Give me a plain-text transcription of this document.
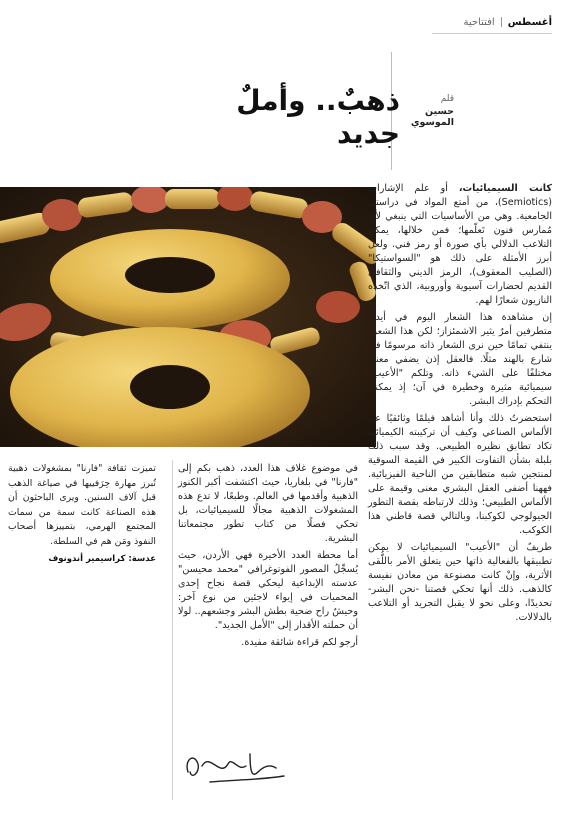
أغسطس
افتتاحية
قلم
حسين الموسوي
ذهبٌ.. وأملٌ جديد

كانت السيميائيات، أو علم الإشارات (Semiotics)، من أمتع المواد في دراستي الجامعية. وهي من الأساسيات التي ينبغي لأي مُمارس فنون تَعلّمها؛ فمن خلالها، يمكن التلاعب الدلالي بأي صورة أو رمز فني. ولعل أبرز الأمثلة على ذلك هو "السواستيكا" (الصليب المعقوف)، الرمز الديني والثقافي القديم لحضارات آسيوية وأوروبية، الذي اتّخذه النازيون شعارًا لهم.

إن مشاهدة هذا الشعار اليوم في أيدي متطرفين أمرٌ يثير الاشمئزاز؛ لكن هذا الشعور ينتفي تمامًا حين نرى الشعار ذاته مرسومًا في شارع بالهند مثلًا. فالعقل إذن يضفي معنىً مختلفًا على الشيء ذاته. وتلكم "الأعيب" سيميائية مثيرة وخطيرة في آن؛ إذ يمكنها التحكم بإدراك البشر.

استحضرتُ ذلك وأنا أشاهد فيلمًا وثائقيًا عن الألماس الصناعي وكيف أن تركيبته الكيميائية تكاد تطابق نظيره الطبيعي. وقد سبب ذلك بلبلة بشأن التفاوت الكبير في القيمة السوقية لمنتجين شبه متطابقين من الناحية الفيزيائية. فههنا أضفى العقل البشري معنى وقيمة على الألماس الطبيعي؛ وذلك لارتباطه بقصة التطور الجيولوجي لكوكبنا، وبالتالي قصة قاطني هذا الكوكب.

طريفٌ أن "الأعيب" السيميائيات لا يمكن تطبيقها بالفعالية ذاتها حين يتعلق الأمر باللُّقى الأثرية، وإنْ كانت مصنوعة من معادن نفيسة كالذهب. ذلك أنها تحكي قصتنا -نحن البشر- تحديدًا، وعلى نحو لا يقبل التجريد أو التلاعب بالدلالات.

في موضوع غلاف هذا العدد، ذهب بكم إلى "فارنا" في بلغاريا، حيث اكتشفت أكبر الكنوز الذهبية وأقدمها في العالم. وطبعًا، لا تدع هذه المشغولات الذهبية مجالًا للسيميائيات، بل تحكي فصلًا من كتاب تطور مجتمعاتنا البشرية.

أما محطة العدد الأخيرة فهي الأردن، حيث يُسجِّلُ المصور الفوتوغرافي "محمد محيسن" عدسته الإبداعية ليحكي قصة نجاح إحدى المحميات في إيواء لاجئين من نوع آخر: وحيشٌ راح ضحية بطش البشر وجشعهم.. لولا أن حملته الأقدار إلى "الأمل الجديد".

أرجو لكم قراءة شائقة مفيدة.

تميزت ثقافة "فارنا" بمشغولات ذهبية تُبرز مهارة حِرَفييها في صياغة الذهب قبل آلاف السنين. ويرى الباحثون أن هذه الصناعة كانت سمة من سمات المجتمع الهرمي، بتمييزها أصحاب النفوذ ومَن هم في السلطة.

عدسة: كراسيمير أندونوف
